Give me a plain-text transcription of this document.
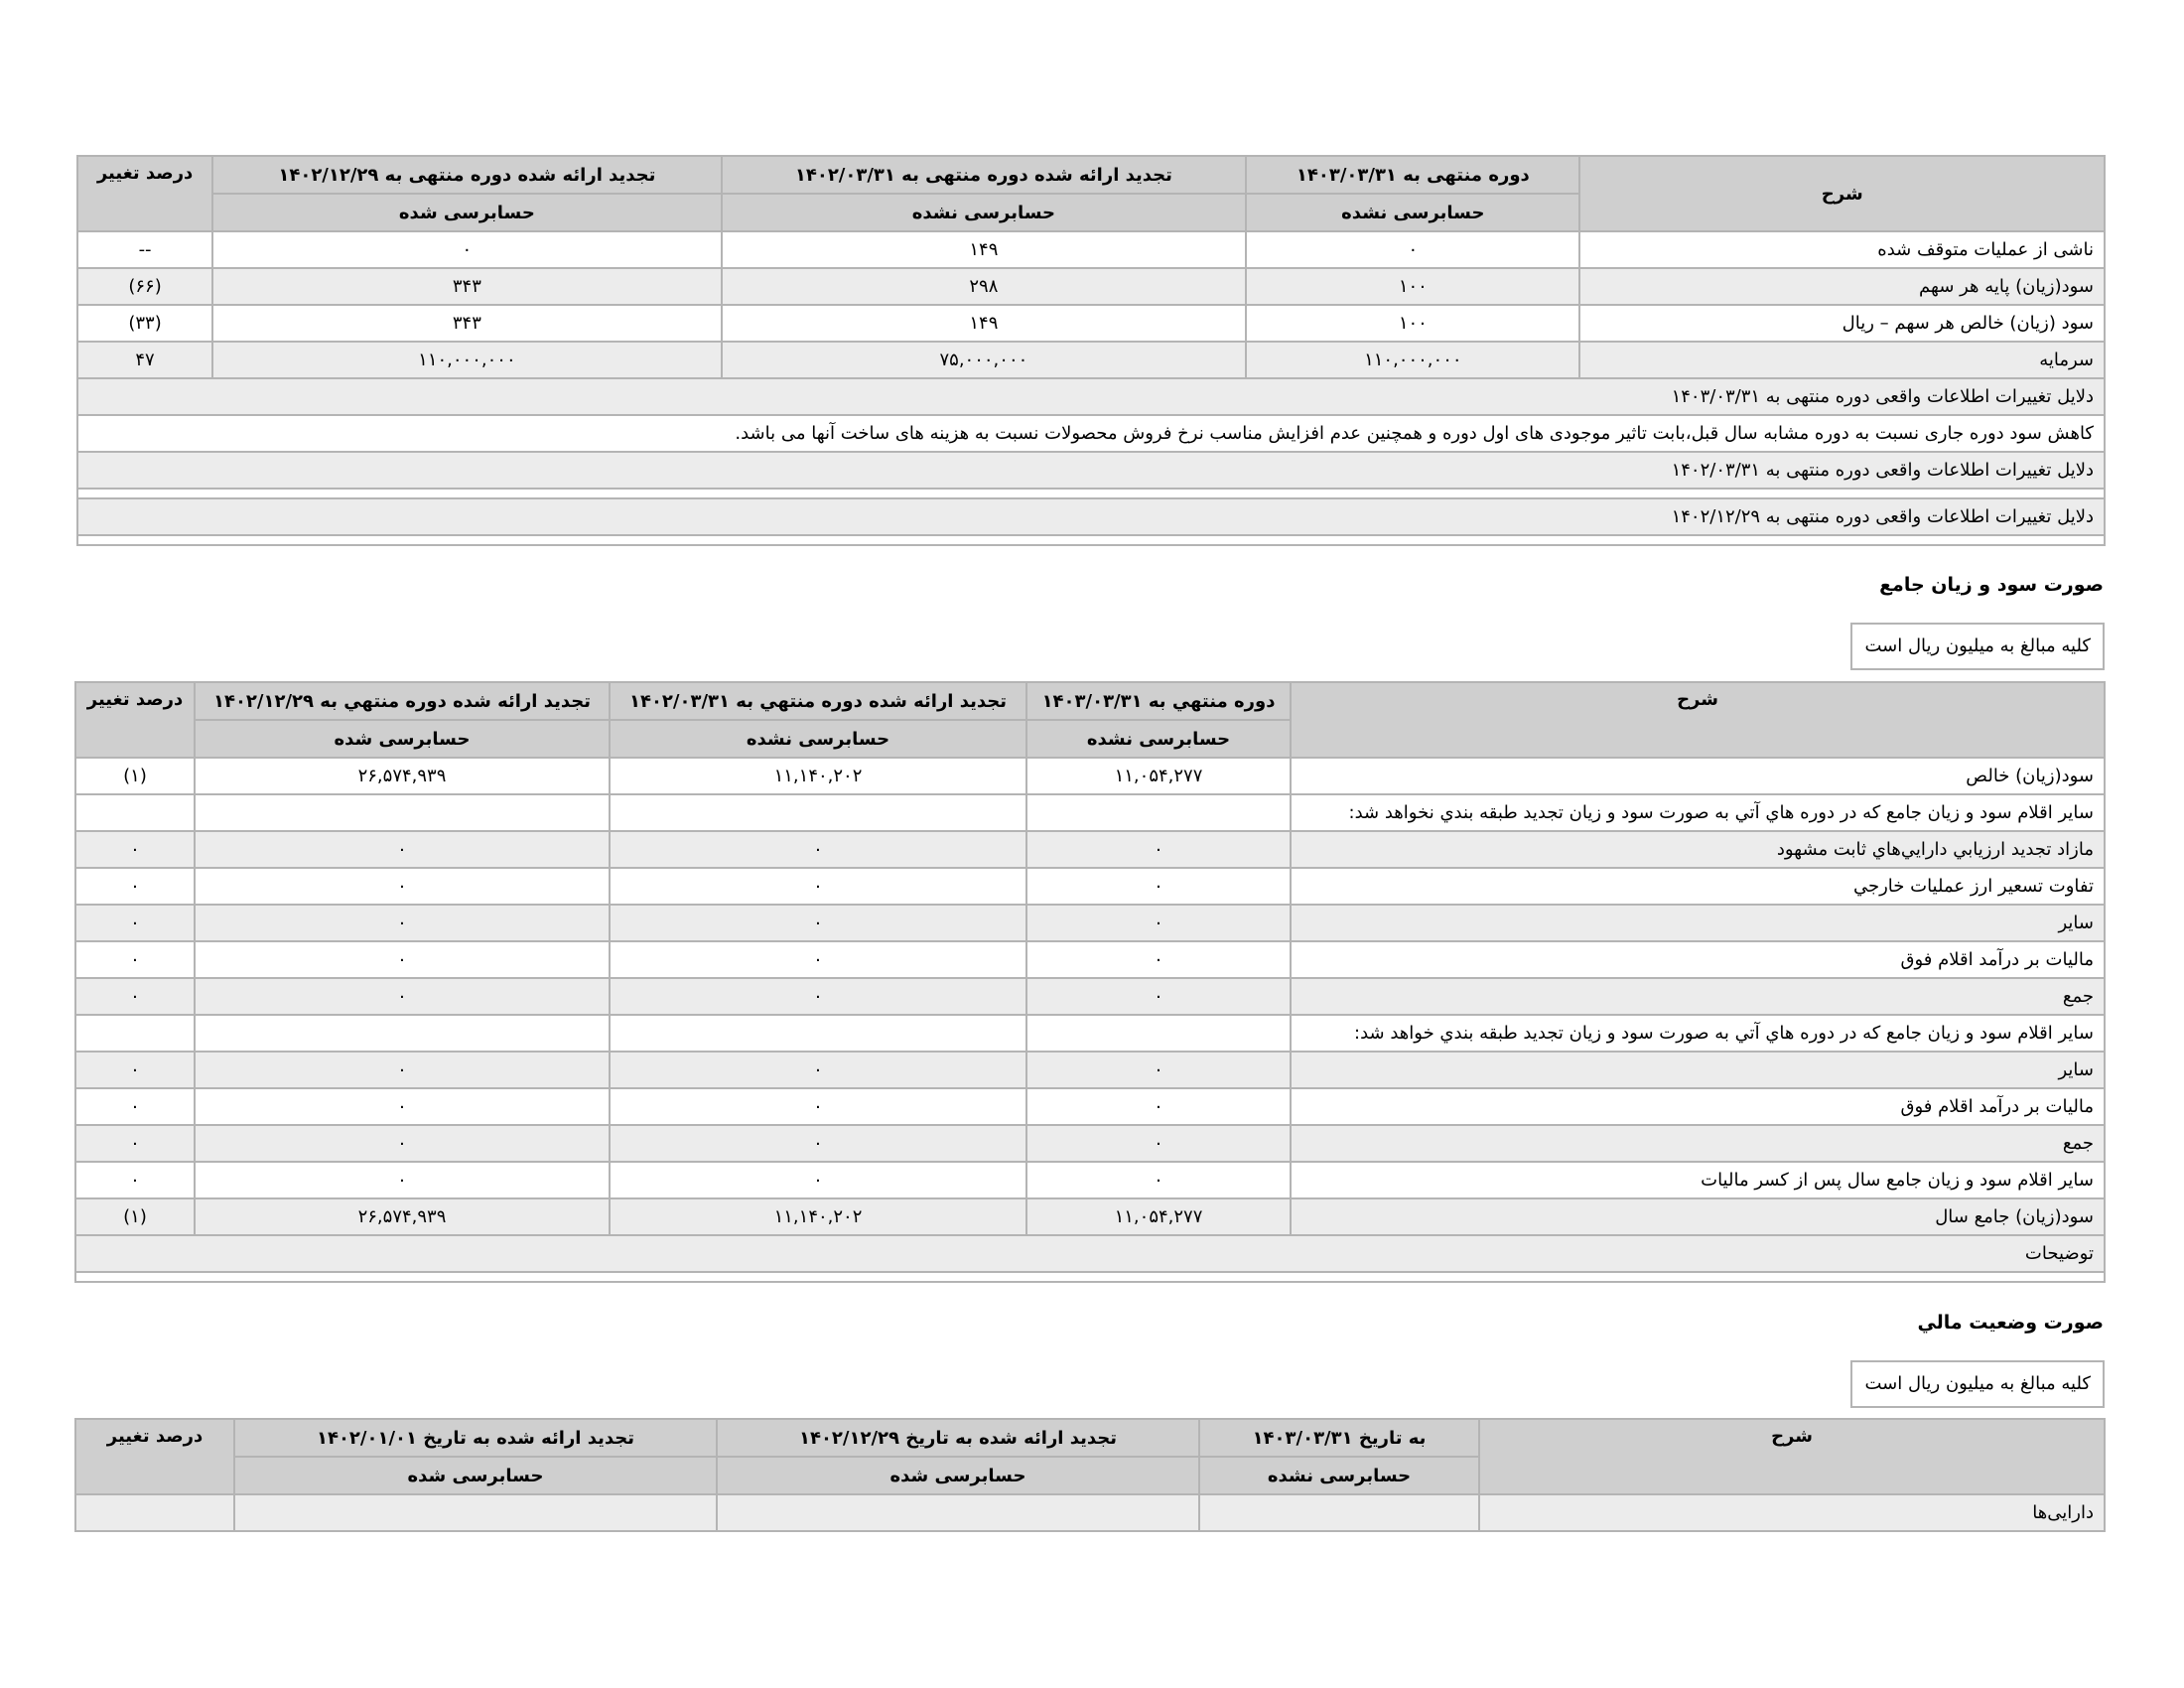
شرح	دوره منتهی به ۱۴۰۳/۰۳/۳۱	تجدید ارائه شده دوره منتهی به ۱۴۰۲/۰۳/۳۱	تجدید ارائه شده دوره منتهی به ۱۴۰۲/۱۲/۲۹	درصد تغییر
	حسابرسی نشده	حسابرسی نشده	حسابرسی شده	
ناشی از عملیات متوقف شده	۰	۱۴۹	۰	--
سود(زیان) پایه هر سهم	۱۰۰	۲۹۸	۳۴۳	(۶۶)
سود (زیان) خالص هر سهم – ریال	۱۰۰	۱۴۹	۳۴۳	(۳۳)
سرمایه	۱۱۰,۰۰۰,۰۰۰	۷۵,۰۰۰,۰۰۰	۱۱۰,۰۰۰,۰۰۰	۴۷
دلایل تغییرات اطلاعات واقعی دوره منتهی به ۱۴۰۳/۰۳/۳۱				
کاهش سود دوره جاری نسبت به دوره مشابه سال قبل،بابت تاثیر موجودی های اول دوره و همچنین عدم افزایش مناسب نرخ فروش محصولات نسبت به هزینه های ساخت آنها می باشد.				
دلایل تغییرات اطلاعات واقعی دوره منتهی به ۱۴۰۲/۰۳/۳۱				

دلایل تغییرات اطلاعات واقعی دوره منتهی به ۱۴۰۲/۱۲/۲۹				

صورت سود و زیان جامع
کلیه مبالغ به میلیون ریال است
شرح	دوره منتهي به ۱۴۰۳/۰۳/۳۱	تجدید ارائه شده دوره منتهي به ۱۴۰۲/۰۳/۳۱	تجدید ارائه شده دوره منتهي به ۱۴۰۲/۱۲/۲۹	درصد تغییر
	حسابرسی نشده	حسابرسی نشده	حسابرسی شده	
سود(زيان) خالص	۱۱,۰۵۴,۲۷۷	۱۱,۱۴۰,۲۰۲	۲۶,۵۷۴,۹۳۹	(۱)
ساير اقلام سود و زيان جامع که در دوره هاي آتي به صورت سود و زيان تجديد طبقه بندي نخواهد شد:				
مازاد تجديد ارزيابي دارايي‌هاي ثابت مشهود	۰	۰	۰	۰
تفاوت تسعير ارز عمليات خارجي	۰	۰	۰	۰
ساير	۰	۰	۰	۰
ماليات بر درآمد اقلام فوق	۰	۰	۰	۰
جمع	۰	۰	۰	۰
ساير اقلام سود و زيان جامع که در دوره هاي آتي به صورت سود و زيان تجديد طبقه بندي خواهد شد:				
ساير	۰	۰	۰	۰
ماليات بر درآمد اقلام فوق	۰	۰	۰	۰
جمع	۰	۰	۰	۰
ساير اقلام سود و زيان جامع سال پس از کسر ماليات	۰	۰	۰	۰
سود(زيان) جامع سال	۱۱,۰۵۴,۲۷۷	۱۱,۱۴۰,۲۰۲	۲۶,۵۷۴,۹۳۹	(۱)
توضیحات				

صورت وضعیت مالي
کلیه مبالغ به میلیون ریال است
شرح	به تاریخ ۱۴۰۳/۰۳/۳۱	تجدید ارائه شده به تاریخ ۱۴۰۲/۱۲/۲۹	تجدید ارائه شده به تاریخ ۱۴۰۲/۰۱/۰۱	درصد تغییر
	حسابرسی نشده	حسابرسی شده	حسابرسی شده	
دارایی‌ها				
